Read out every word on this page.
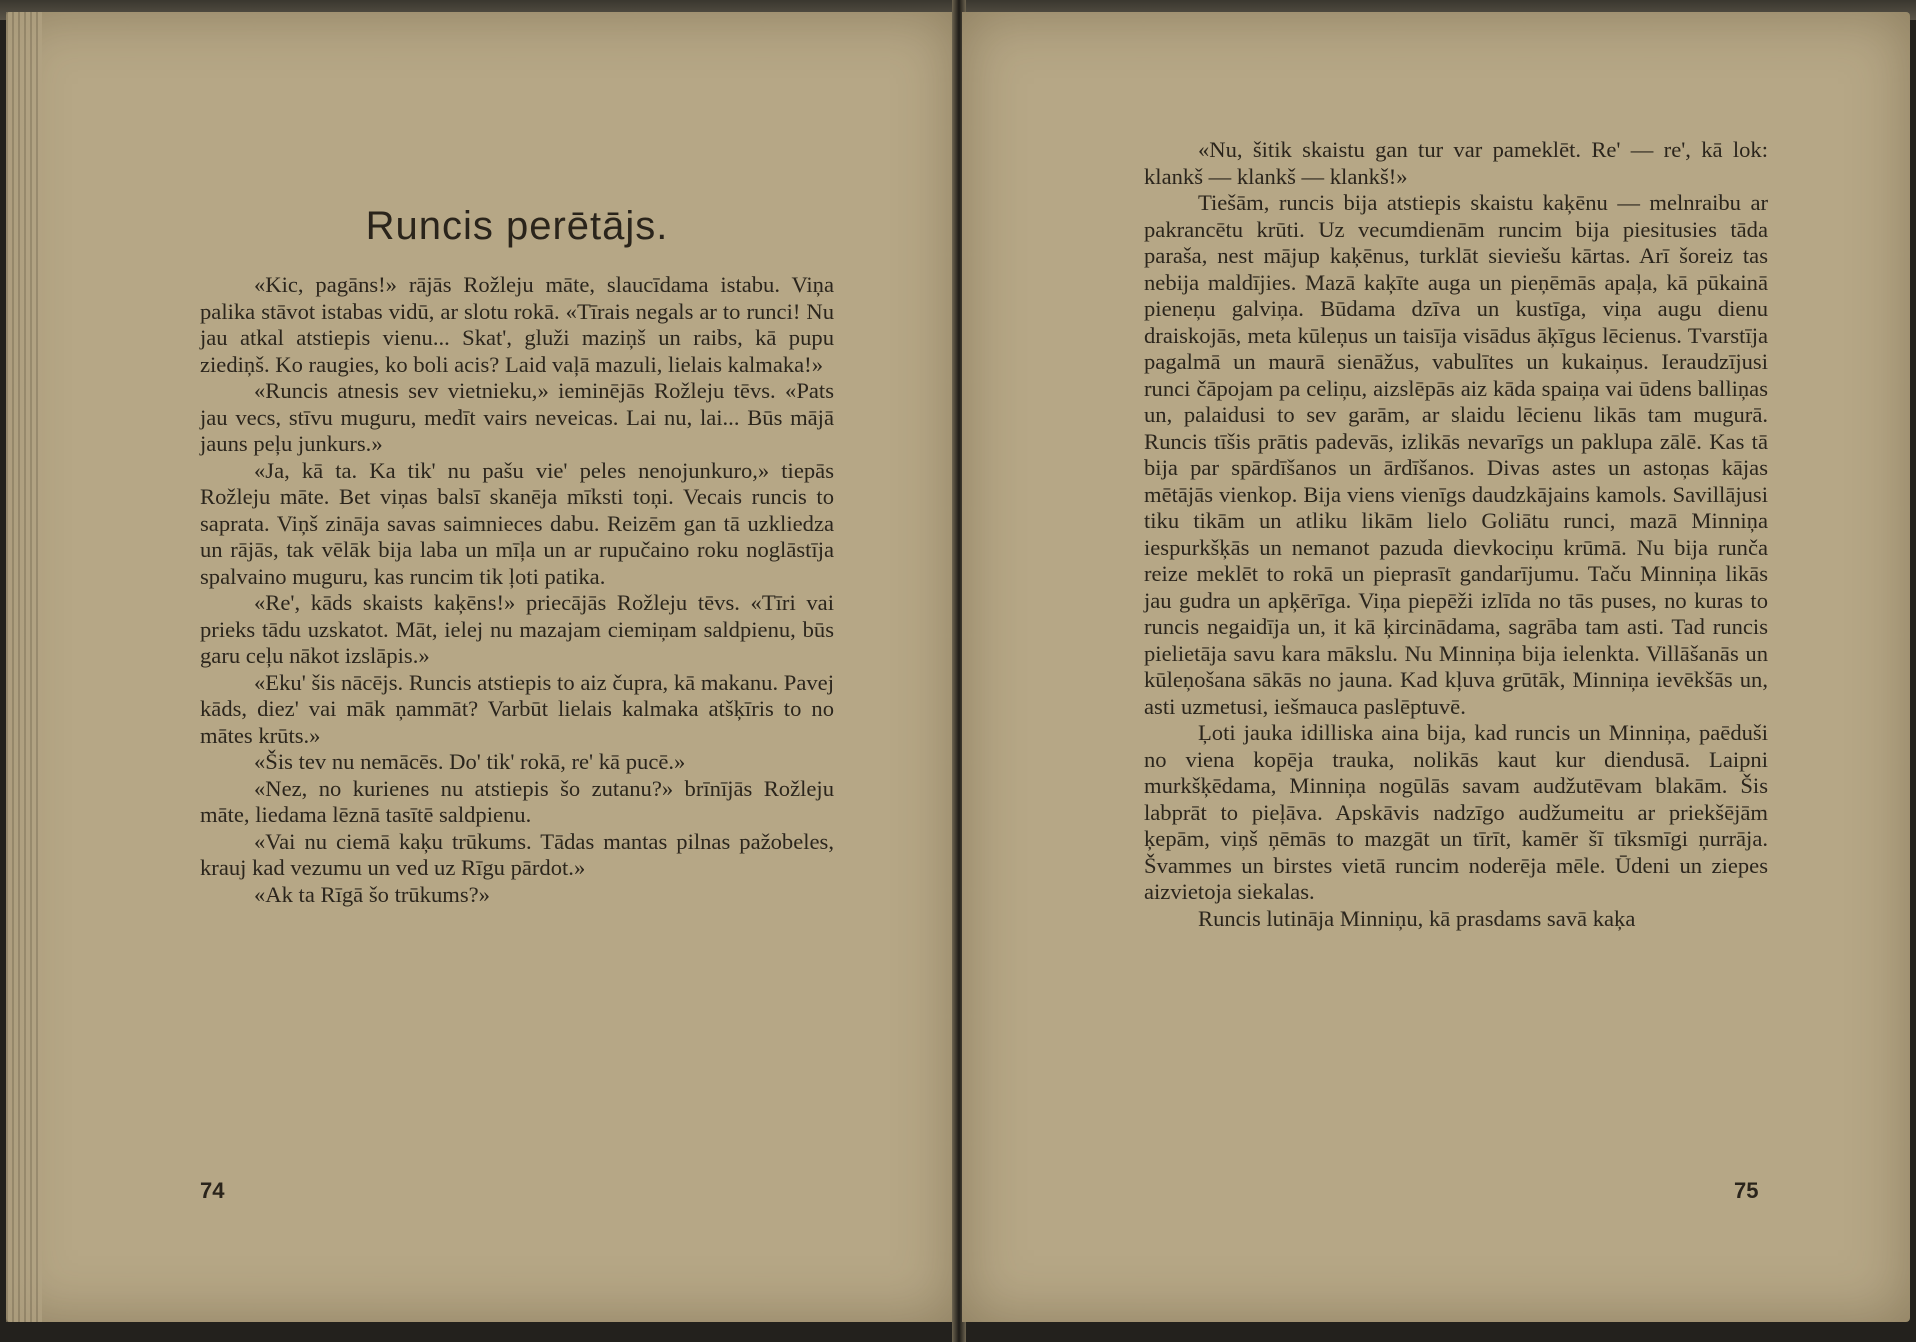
Runcis perētājs.

«Kic, pagāns!» rājās Rožleju māte, slaucīdama istabu. Viņa palika stāvot istabas vidū, ar slotu rokā. «Tīrais negals ar to runci! Nu jau atkal atstiepis vienu... Skat', gluži maziņš un raibs, kā pupu ziediņš. Ko raugies, ko boli acis? Laid vaļā mazuli, lielais kalmaka!»

«Runcis atnesis sev vietnieku,» ieminējās Rožleju tēvs. «Pats jau vecs, stīvu muguru, medīt vairs neveicas. Lai nu, lai... Būs mājā jauns peļu junkurs.»

«Ja, kā ta. Ka tik' nu pašu vie' peles nenojunkuro,» tiepās Rožleju māte. Bet viņas balsī skanēja mīksti toņi. Vecais runcis to saprata. Viņš zināja savas saimnieces dabu. Reizēm gan tā uzkliedza un rājās, tak vēlāk bija laba un mīļa un ar rupučaino roku noglāstīja spalvaino muguru, kas runcim tik ļoti patika.

«Re', kāds skaists kaķēns!» priecājās Rožleju tēvs. «Tīri vai prieks tādu uzskatot. Māt, ielej nu mazajam ciemiņam saldpienu, būs garu ceļu nākot izslāpis.»

«Eku' šis nācējs. Runcis atstiepis to aiz čupra, kā makanu. Pavej kāds, diez' vai māk ņammāt? Varbūt lielais kalmaka atšķīris to no mātes krūts.»

«Šis tev nu nemācēs. Do' tik' rokā, re' kā pucē.»

«Nez, no kurienes nu atstiepis šo zutanu?» brīnījās Rožleju māte, liedama lēznā tasītē saldpienu.

«Vai nu ciemā kaķu trūkums. Tādas mantas pilnas pažobeles, krauj kad vezumu un ved uz Rīgu pārdot.»

«Ak ta Rīgā šo trūkums?»

74

«Nu, šitik skaistu gan tur var pameklēt. Re' — re', kā lok: klankš — klankš — klankš!»

Tiešām, runcis bija atstiepis skaistu kaķēnu — melnraibu ar pakrancētu krūti. Uz vecumdienām runcim bija piesitusies tāda paraša, nest mājup kaķēnus, turklāt sieviešu kārtas. Arī šoreiz tas nebija maldījies. Mazā kaķīte auga un pieņēmās apaļa, kā pūkainā pieneņu galviņa. Būdama dzīva un kustīga, viņa augu dienu draiskojās, meta kūleņus un taisīja visādus āķīgus lēcienus. Tvarstīja pagalmā un maurā sienāžus, vabulītes un kukaiņus. Ieraudzījusi runci čāpojam pa celiņu, aizslēpās aiz kāda spaiņa vai ūdens balliņas un, palaidusi to sev garām, ar slaidu lēcienu likās tam mugurā. Runcis tīšis prātis padevās, izlikās nevarīgs un paklupa zālē. Kas tā bija par spārdīšanos un ārdīšanos. Divas astes un astoņas kājas mētājās vienkop. Bija viens vienīgs daudzkājains kamols. Savillājusi tiku tikām un atliku likām lielo Goliātu runci, mazā Minniņa iespurkšķās un nemanot pazuda dievkociņu krūmā. Nu bija runča reize meklēt to rokā un pieprasīt gandarījumu. Taču Minniņa likās jau gudra un apķērīga. Viņa piepēži izlīda no tās puses, no kuras to runcis negaidīja un, it kā ķircinādama, sagrāba tam asti. Tad runcis pielietāja savu kara mākslu. Nu Minniņa bija ielenkta. Villāšanās un kūleņošana sākās no jauna. Kad kļuva grūtāk, Minniņa ievēkšās un, asti uzmetusi, iešmauca paslēptuvē.

Ļoti jauka idilliska aina bija, kad runcis un Minniņa, paēduši no viena kopēja trauka, nolikās kaut kur diendusā. Laipni murkšķēdama, Minniņa nogūlās savam audžutēvam blakām. Šis labprāt to pieļāva. Apskāvis nadzīgo audžumeitu ar priekšējām ķepām, viņš ņēmās to mazgāt un tīrīt, kamēr šī tīksmīgi ņurrāja. Švammes un birstes vietā runcim noderēja mēle. Ūdeni un ziepes aizvietoja siekalas.

Runcis lutināja Minniņu, kā prasdams savā kaķa

75
